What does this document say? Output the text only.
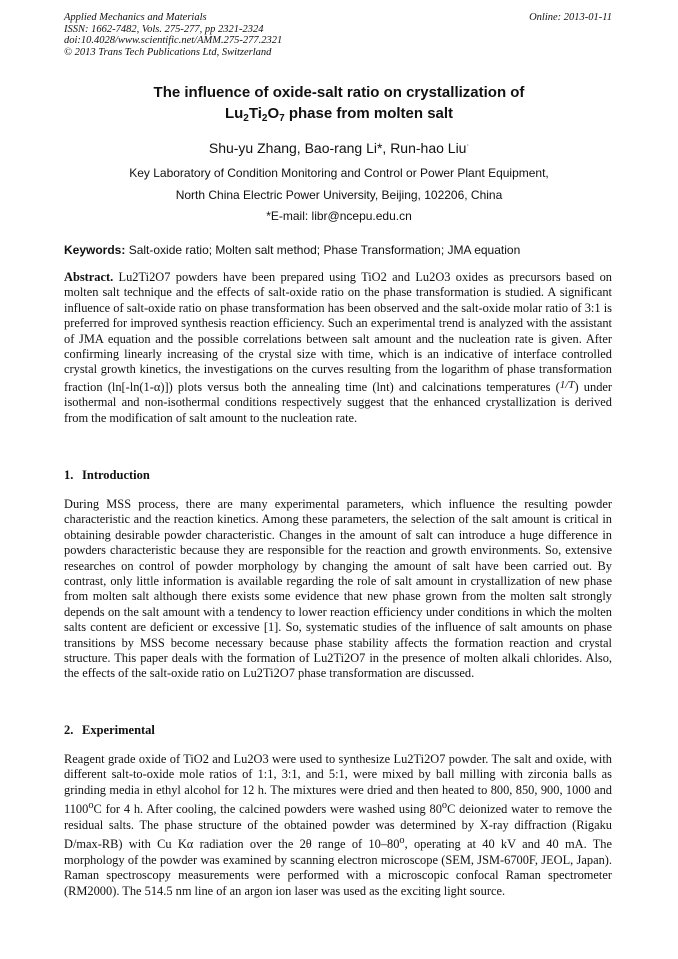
Applied Mechanics and Materials
ISSN: 1662-7482, Vols. 275-277, pp 2321-2324
doi:10.4028/www.scientific.net/AMM.275-277.2321
© 2013 Trans Tech Publications Ltd, Switzerland
Online: 2013-01-11
The influence of oxide-salt ratio on crystallization of
$Lu_2Ti_2O_7$ phase from molten salt
Shu-yu Zhang, Bao-rang Li*, Run-hao Liu·
Key Laboratory of Condition Monitoring and Control or Power Plant Equipment,
North China Electric Power University, Beijing, 102206, China
*E-mail: libr@ncepu.edu.cn
Keywords: Salt-oxide ratio; Molten salt method; Phase Transformation; JMA equation
Abstract. Lu2Ti2O7 powders have been prepared using TiO2 and Lu2O3 oxides as precursors based on molten salt technique and the effects of salt-oxide ratio on the phase transformation is studied. A significant influence of salt-oxide ratio on phase transformation has been observed and the salt-oxide molar ratio of 3:1 is preferred for improved synthesis reaction efficiency. Such an experimental trend is analyzed with the assistant of JMA equation and the possible correlations between salt amount and the nucleation rate is given. After confirming linearly increasing of the crystal size with time, which is an indicative of interface controlled crystal growth kinetics, the investigations on the curves resulting from the logarithm of phase transformation fraction (ln[-ln(1-α)]) plots versus both the annealing time (lnt) and calcinations temperatures (1/T) under isothermal and non-isothermal conditions respectively suggest that the enhanced crystallization is derived from the modification of salt amount to the nucleation rate.
1. Introduction
During MSS process, there are many experimental parameters, which influence the resulting powder characteristic and the reaction kinetics. Among these parameters, the selection of the salt amount is critical in obtaining desirable powder characteristic. Changes in the amount of salt can introduce a huge difference in powders characteristic because they are responsible for the reaction and growth environments. So, extensive researches on control of powder morphology by changing the amount of salt have been carried out. By contrast, only little information is available regarding the role of salt amount in crystallization of new phase from molten salt although there exists some evidence that new phase grown from the molten salt strongly depends on the salt amount with a tendency to lower reaction efficiency under conditions in which the molten salts content are deficient or excessive [1]. So, systematic studies of the influence of salt amounts on phase transitions by MSS become necessary because phase stability affects the formation reaction and crystal structure. This paper deals with the formation of Lu2Ti2O7 in the presence of molten alkali chlorides. Also, the effects of the salt-oxide ratio on Lu2Ti2O7 phase transformation are discussed.
2. Experimental
Reagent grade oxide of TiO2 and Lu2O3 were used to synthesize Lu2Ti2O7 powder. The salt and oxide, with different salt-to-oxide mole ratios of 1:1, 3:1, and 5:1, were mixed by ball milling with zirconia balls as grinding media in ethyl alcohol for 12 h. The mixtures were dried and then heated to 800, 850, 900, 1000 and 1100$^o$C for 4 h. After cooling, the calcined powders were washed using 80$^o$C deionized water to remove the residual salts. The phase structure of the obtained powder was determined by X-ray diffraction (Rigaku D/max-RB) with Cu Kα radiation over the 2θ range of 10–80$^o$, operating at 40 kV and 40 mA. The morphology of the powder was examined by scanning electron microscope (SEM, JSM-6700F, JEOL, Japan). Raman spectroscopy measurements were performed with a microscopic confocal Raman spectrometer (RM2000). The 514.5 nm line of an argon ion laser was used as the exciting light source.
